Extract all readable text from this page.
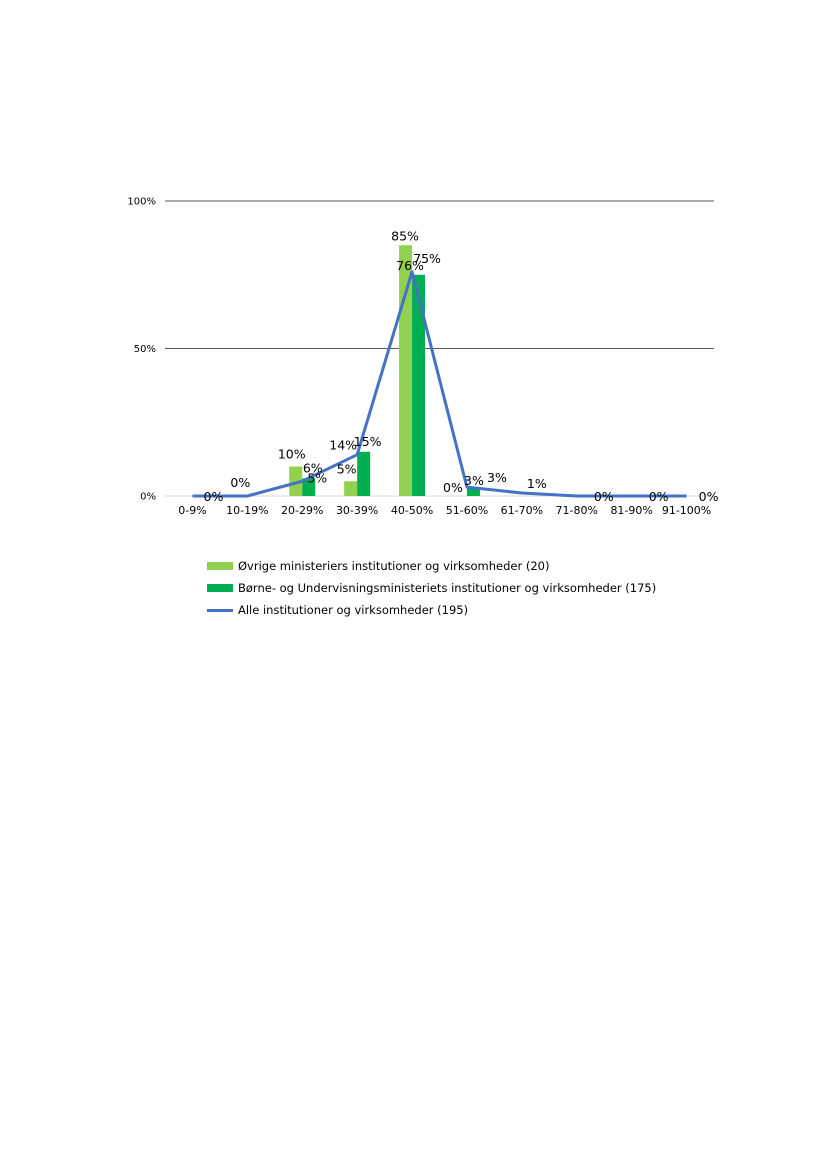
0%
50%
100%
10%
5%
85%
0%
6%
15%
75%
3%
0%
0%	5%
14%
76%
3%	1%
0%	0% 0%
0-9% 10-19% 20-29% 30-39% 40-50% 51-60% 61-70% 71-80% 81-90% 91-100%
Øvrige ministeriers institutioner og virksomheder (20)
Børne- og Undervisningsministeriets institutioner og virksomheder (175)
Alle institutioner og virksomheder (195)
